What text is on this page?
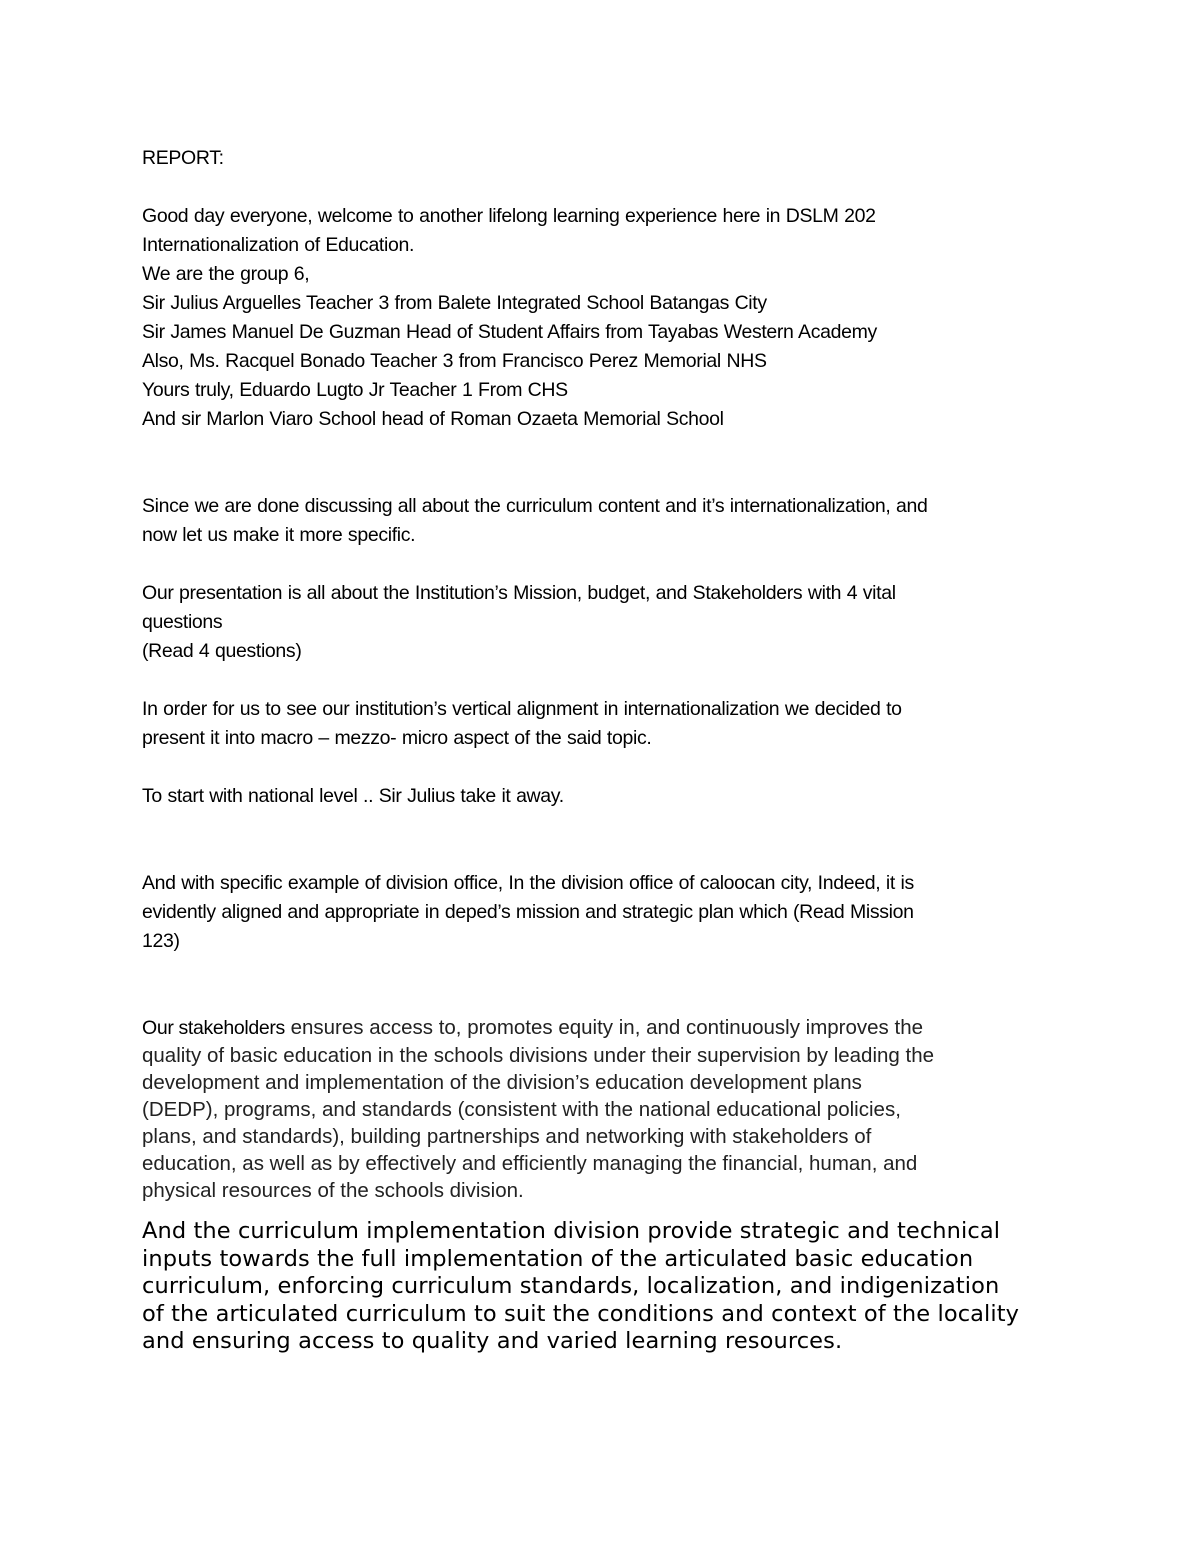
REPORT:

Good day everyone, welcome to another lifelong learning experience here in DSLM 202
Internationalization of Education.
We are the group 6,
Sir Julius Arguelles Teacher 3 from Balete Integrated School Batangas City
Sir James Manuel De Guzman Head of Student Affairs from Tayabas Western Academy
Also, Ms. Racquel Bonado Teacher 3 from Francisco Perez Memorial NHS
Yours truly, Eduardo Lugto Jr Teacher 1 From CHS
And sir Marlon Viaro School head of Roman Ozaeta Memorial School

Since we are done discussing all about the curriculum content and it’s internationalization, and
now let us make it more specific.

Our presentation is all about the Institution’s Mission, budget, and Stakeholders with 4 vital
questions
(Read 4 questions)

In order for us to see our institution’s vertical alignment in internationalization we decided to
present it into macro – mezzo- micro aspect of the said topic.

To start with national level .. Sir Julius take it away.

And with specific example of division office, In the division office of caloocan city, Indeed, it is
evidently aligned and appropriate in deped’s mission and strategic plan which (Read Mission
123)

Our stakeholders ensures access to, promotes equity in, and continuously improves the
quality of basic education in the schools divisions under their supervision by leading the
development and implementation of the division’s education development plans
(DEDP), programs, and standards (consistent with the national educational policies,
plans, and standards), building partnerships and networking with stakeholders of
education, as well as by effectively and efficiently managing the financial, human, and
physical resources of the schools division.

And the curriculum implementation division provide strategic and technical
inputs towards the full implementation of the articulated basic education
curriculum, enforcing curriculum standards, localization, and indigenization
of the articulated curriculum to suit the conditions and context of the locality
and ensuring access to quality and varied learning resources.
